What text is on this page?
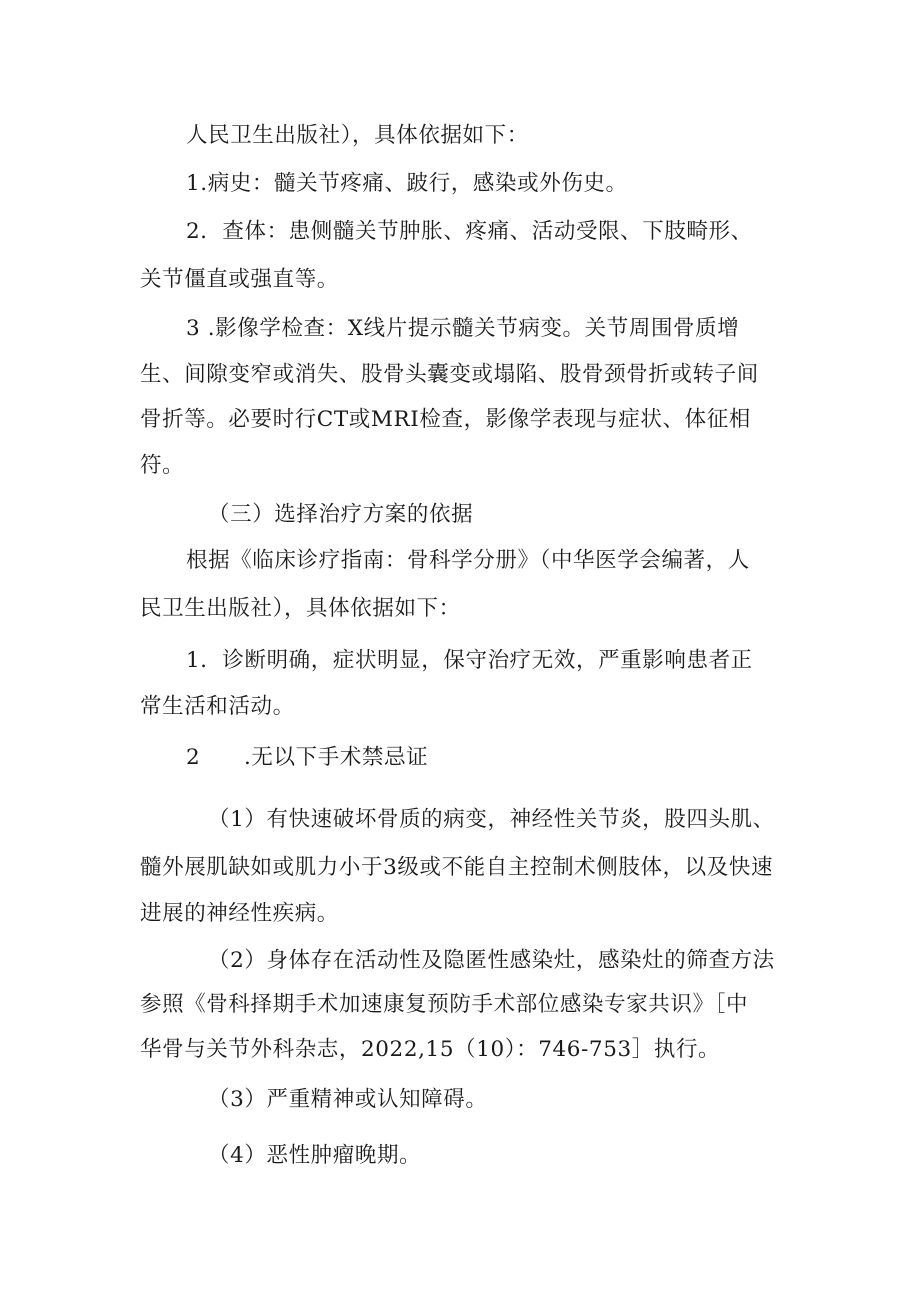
人民卫生出版社），具体依据如下：
1.病史：髓关节疼痛、跛行，感染或外伤史。
2．查体：患侧髓关节肿胀、疼痛、活动受限、下肢畸形、
关节僵直或强直等。
3 .影像学检查：X线片提示髓关节病变。关节周围骨质增
生、间隙变窄或消失、股骨头囊变或塌陷、股骨颈骨折或转子间
骨折等。必要时行CT或MRI检查，影像学表现与症状、体征相
符。
（三）选择治疗方案的依据
根据《临床诊疗指南：骨科学分册》（中华医学会编著，人
民卫生出版社），具体依据如下：
1．诊断明确，症状明显，保守治疗无效，严重影响患者正
常生活和活动。
2 .无以下手术禁忌证
（1）有快速破坏骨质的病变，神经性关节炎，股四头肌、
髓外展肌缺如或肌力小于3级或不能自主控制术侧肢体，以及快速
进展的神经性疾病。
（2）身体存在活动性及隐匿性感染灶，感染灶的筛查方法
参照《骨科择期手术加速康复预防手术部位感染专家共识》［中
华骨与关节外科杂志，2022,15（10）：746-753］执行。
（3）严重精神或认知障碍。
（4）恶性肿瘤晚期。
